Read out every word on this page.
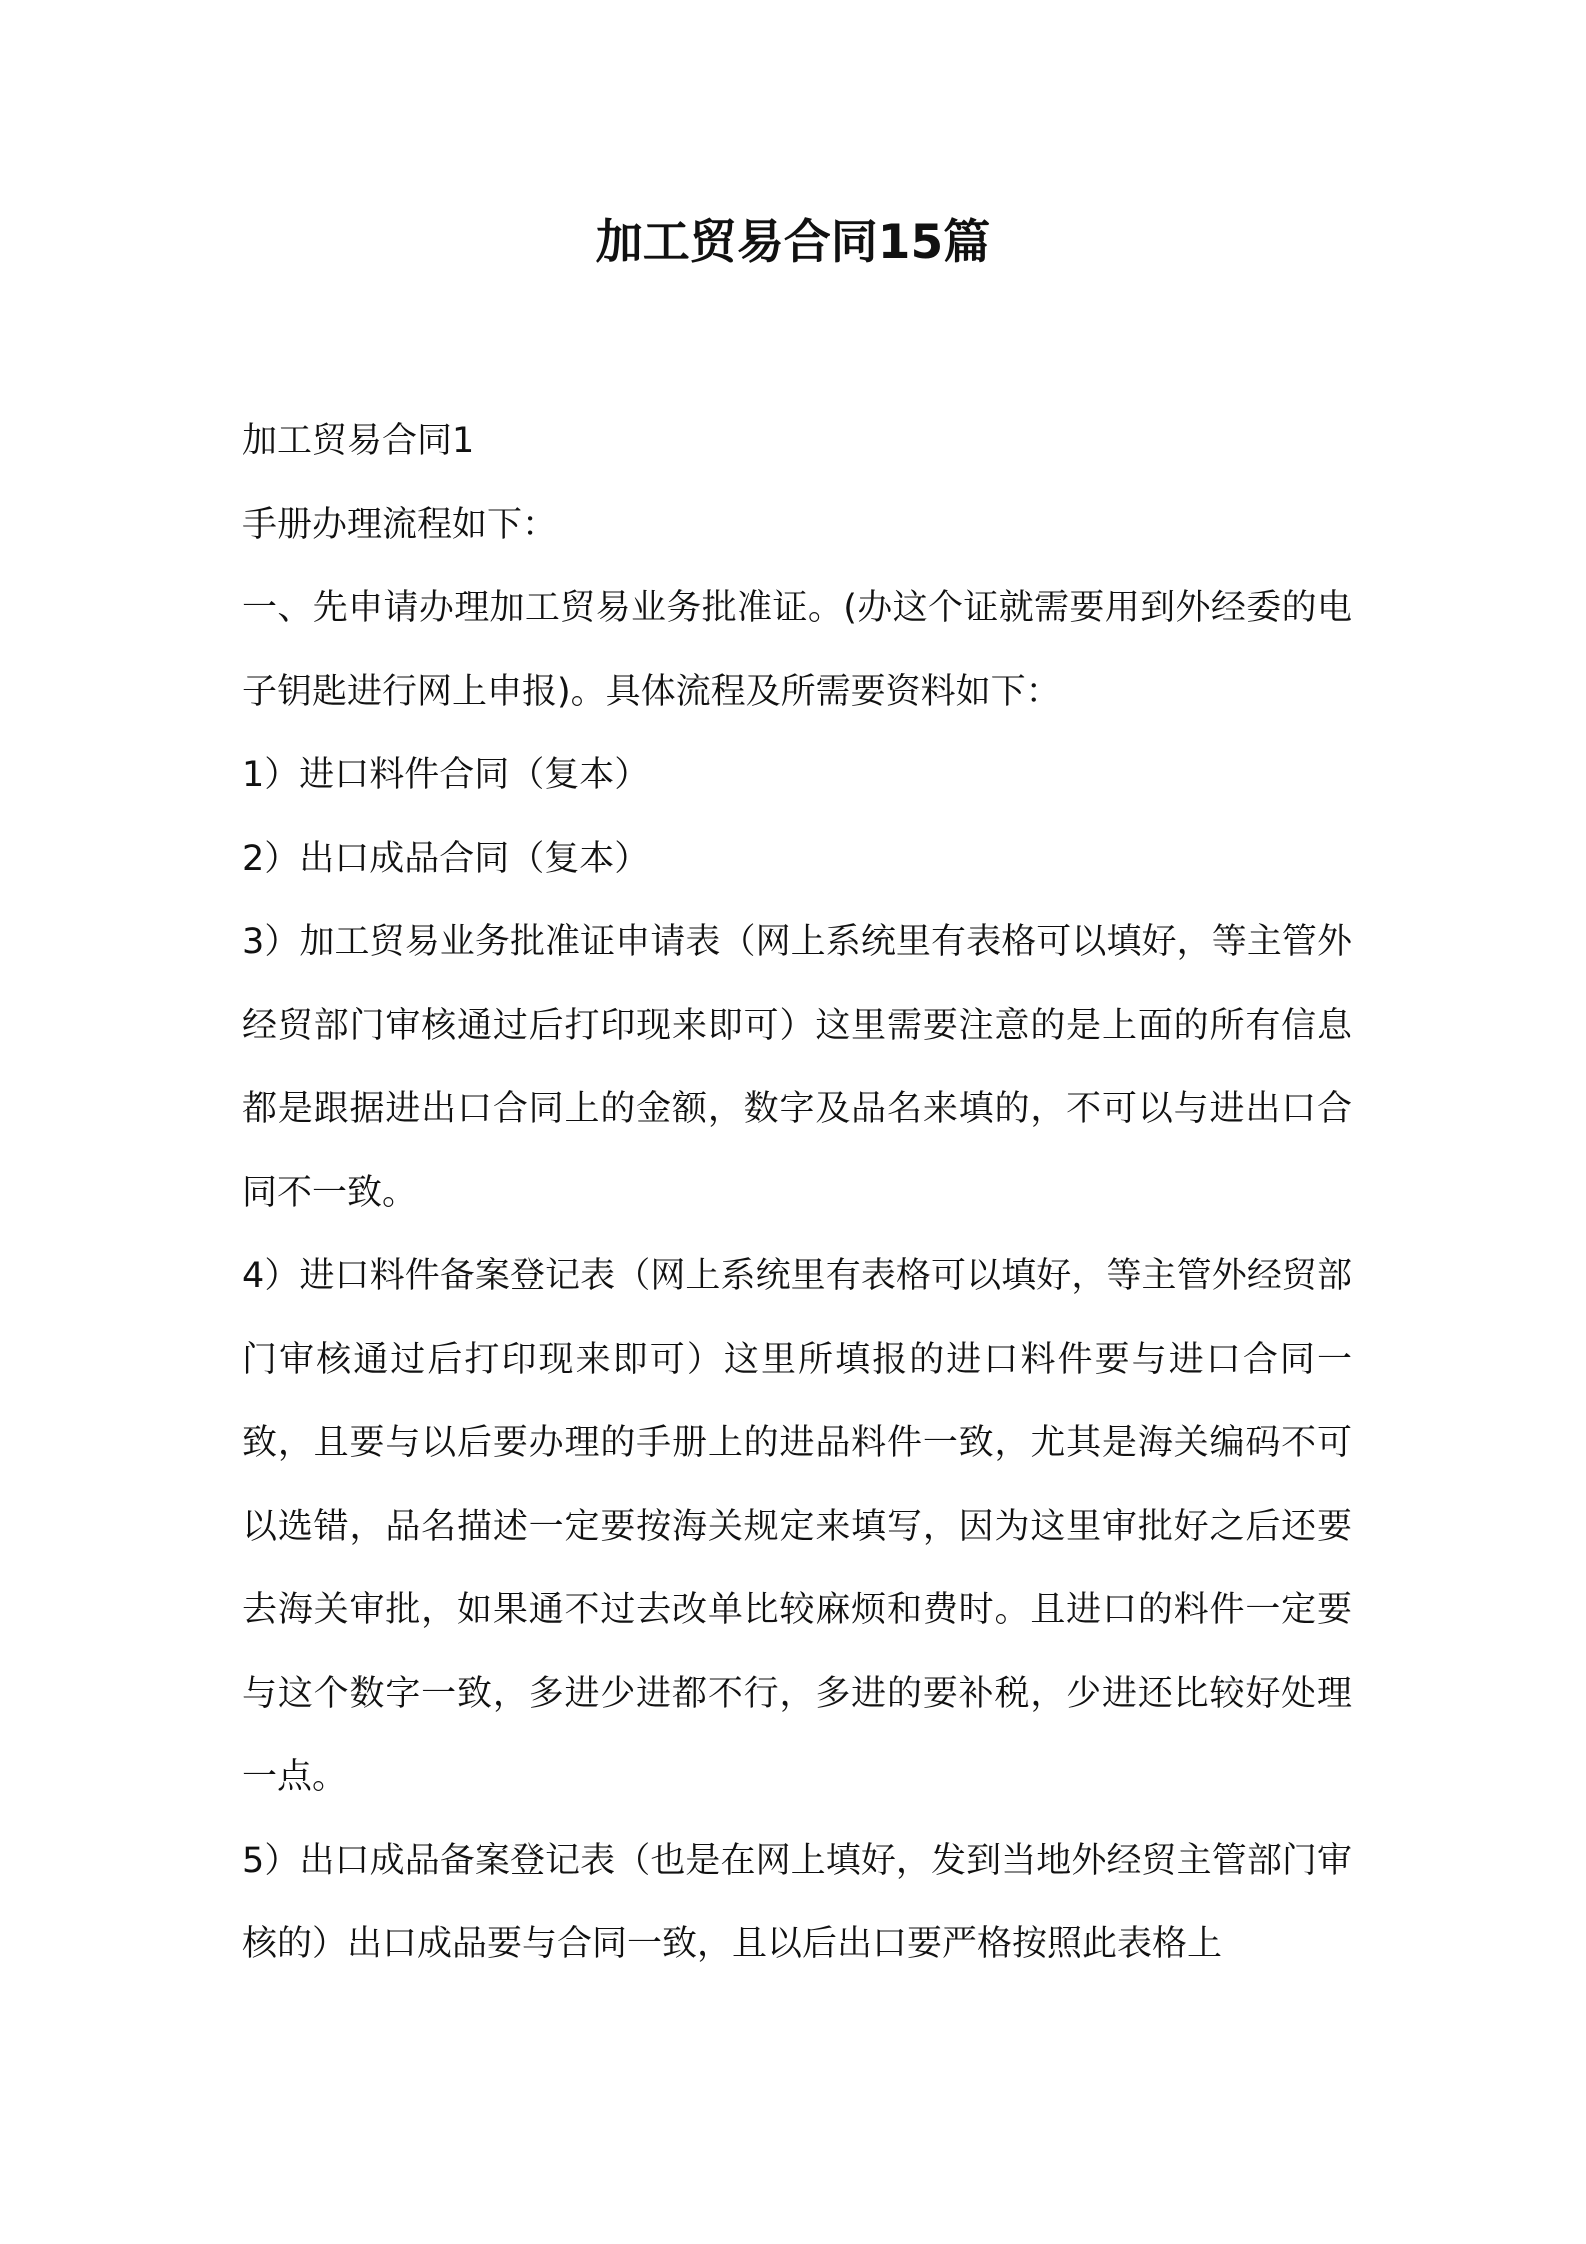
加工贸易合同15篇

加工贸易合同1

手册办理流程如下：

一、先申请办理加工贸易业务批准证。(办这个证就需要用到外经委的电子钥匙进行网上申报)。具体流程及所需要资料如下：

1）进口料件合同（复本）

2）出口成品合同（复本）

3）加工贸易业务批准证申请表（网上系统里有表格可以填好，等主管外经贸部门审核通过后打印现来即可）这里需要注意的是上面的所有信息都是跟据进出口合同上的金额，数字及品名来填的，不可以与进出口合同不一致。

4）进口料件备案登记表（网上系统里有表格可以填好，等主管外经贸部门审核通过后打印现来即可）这里所填报的进口料件要与进口合同一致，且要与以后要办理的手册上的进品料件一致，尤其是海关编码不可以选错，品名描述一定要按海关规定来填写，因为这里审批好之后还要去海关审批，如果通不过去改单比较麻烦和费时。且进口的料件一定要与这个数字一致，多进少进都不行，多进的要补税，少进还比较好处理一点。

5）出口成品备案登记表（也是在网上填好，发到当地外经贸主管部门审核的）出口成品要与合同一致，且以后出口要严格按照此表格上
